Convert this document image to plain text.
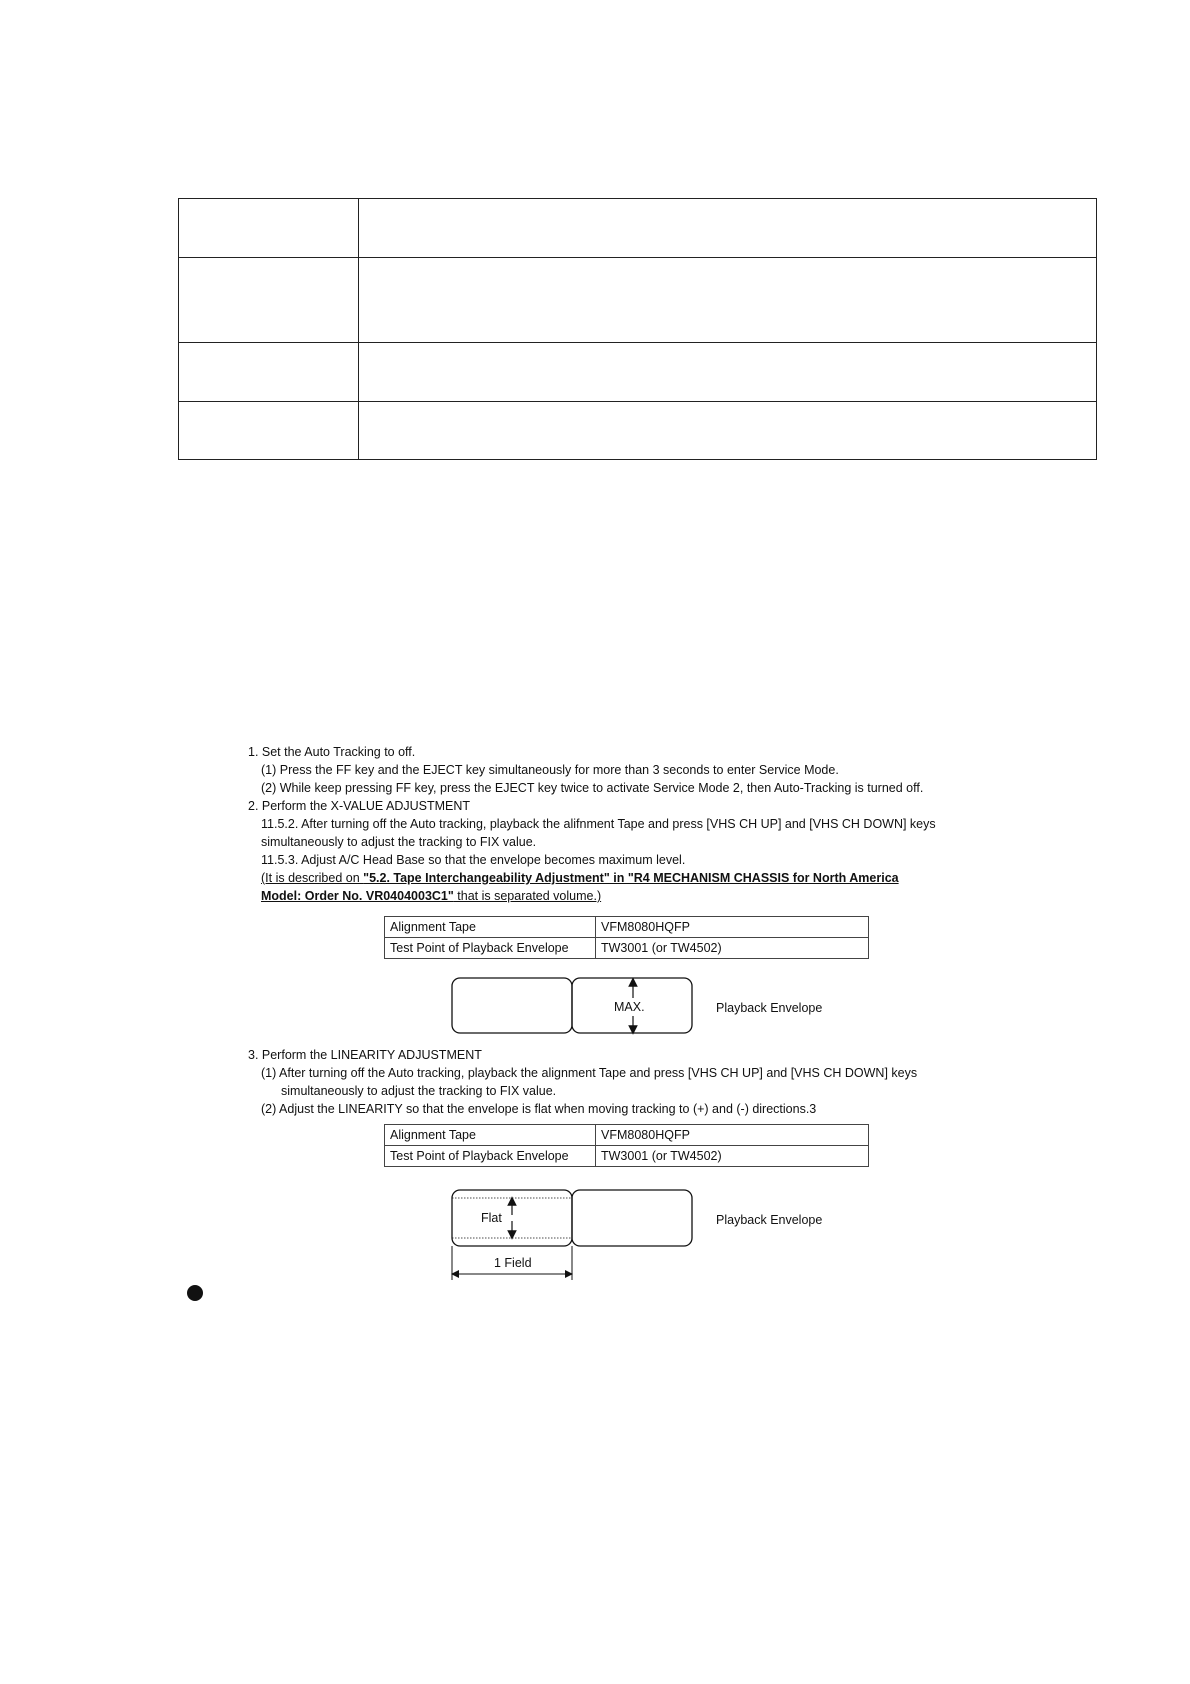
1. Set the Auto Tracking to off.
(1) Press the FF key and the EJECT key simultaneously for more than 3 seconds to enter Service Mode.
(2) While keep pressing FF key, press the EJECT key twice to activate Service Mode 2, then Auto-Tracking is turned off.
2. Perform the X-VALUE ADJUSTMENT
11.5.2. After turning off the Auto tracking, playback the alifnment Tape and press [VHS CH UP] and [VHS CH DOWN] keys
simultaneously to adjust the tracking to FIX value.
11.5.3. Adjust A/C Head Base so that the envelope becomes maximum level.
(It is described on "5.2. Tape Interchangeability Adjustment" in "R4 MECHANISM CHASSIS for North America
Model: Order No. VR0404003C1" that is separated volume.)
Alignment Tape	VFM8080HQFP
Test Point of Playback Envelope	TW3001 (or TW4502)
3. Perform the LINEARITY ADJUSTMENT
(1) After turning off the Auto tracking, playback the alignment Tape and press [VHS CH UP] and [VHS CH DOWN] keys
simultaneously to adjust the tracking to FIX value.
(2) Adjust the LINEARITY so that the envelope is flat when moving tracking to (+) and (-) directions.3
Alignment Tape	VFM8080HQFP
Test Point of Playback Envelope	TW3001 (or TW4502)
MAX.	Playback Envelope
Flat
1 Field
Playback Envelope
